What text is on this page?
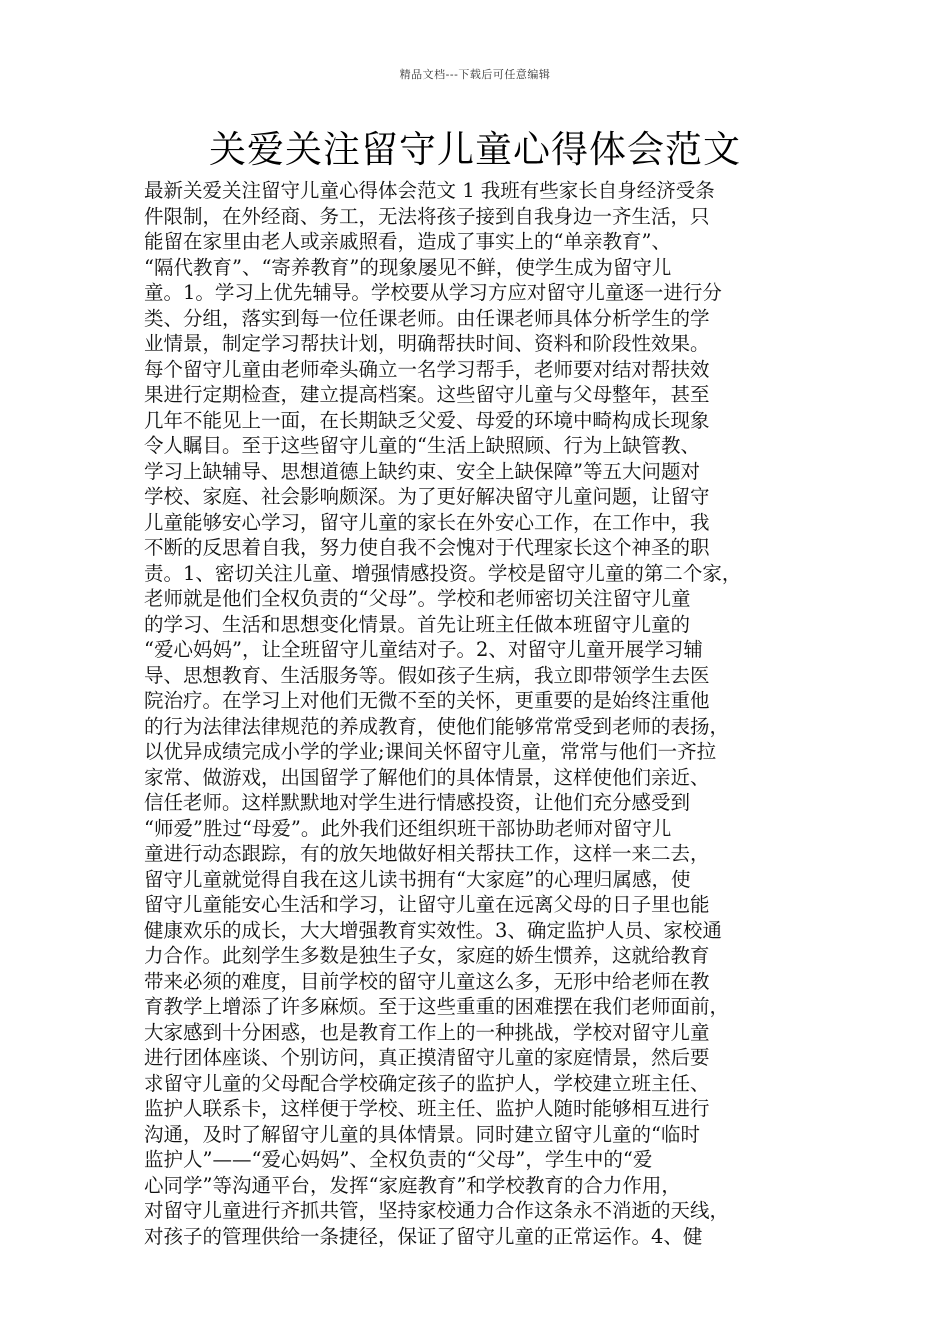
精品文档---下载后可任意编辑
关爱关注留守儿童心得体会范文
最新关爱关注留守儿童心得体会范文 1 我班有些家长自身经济受条
件限制，在外经商、务工，无法将孩子接到自我身边一齐生活，只
能留在家里由老人或亲戚照看，造成了事实上的“单亲教育”、
“隔代教育”、“寄养教育”的现象屡见不鲜，使学生成为留守儿
童。1。学习上优先辅导。学校要从学习方应对留守儿童逐一进行分
类、分组，落实到每一位任课老师。由任课老师具体分析学生的学
业情景，制定学习帮扶计划，明确帮扶时间、资料和阶段性效果。
每个留守儿童由老师牵头确立一名学习帮手，老师要对结对帮扶效
果进行定期检查，建立提高档案。这些留守儿童与父母整年，甚至
几年不能见上一面，在长期缺乏父爱、母爱的环境中畸构成长现象
令人瞩目。至于这些留守儿童的“生活上缺照顾、行为上缺管教、
学习上缺辅导、思想道德上缺约束、安全上缺保障”等五大问题对
学校、家庭、社会影响颇深。为了更好解决留守儿童问题，让留守
儿童能够安心学习，留守儿童的家长在外安心工作，在工作中，我
不断的反思着自我，努力使自我不会愧对于代理家长这个神圣的职
责。1、密切关注儿童、增强情感投资。学校是留守儿童的第二个家，
老师就是他们全权负责的“父母”。学校和老师密切关注留守儿童
的学习、生活和思想变化情景。首先让班主任做本班留守儿童的
“爱心妈妈”，让全班留守儿童结对子。2、对留守儿童开展学习辅
导、思想教育、生活服务等。假如孩子生病，我立即带领学生去医
院治疗。在学习上对他们无微不至的关怀，更重要的是始终注重他
的行为法律法律规范的养成教育，使他们能够常常受到老师的表扬，
以优异成绩完成小学的学业;课间关怀留守儿童，常常与他们一齐拉
家常、做游戏，出国留学了解他们的具体情景，这样使他们亲近、
信任老师。这样默默地对学生进行情感投资，让他们充分感受到
“师爱”胜过“母爱”。此外我们还组织班干部协助老师对留守儿
童进行动态跟踪，有的放矢地做好相关帮扶工作，这样一来二去，
留守儿童就觉得自我在这儿读书拥有“大家庭”的心理归属感，使
留守儿童能安心生活和学习，让留守儿童在远离父母的日子里也能
健康欢乐的成长，大大增强教育实效性。3、确定监护人员、家校通
力合作。此刻学生多数是独生子女，家庭的娇生惯养，这就给教育
带来必须的难度，目前学校的留守儿童这么多，无形中给老师在教
育教学上增添了许多麻烦。至于这些重重的困难摆在我们老师面前，
大家感到十分困惑，也是教育工作上的一种挑战，学校对留守儿童
进行团体座谈、个别访问，真正摸清留守儿童的家庭情景，然后要
求留守儿童的父母配合学校确定孩子的监护人，学校建立班主任、
监护人联系卡，这样便于学校、班主任、监护人随时能够相互进行
沟通，及时了解留守儿童的具体情景。同时建立留守儿童的“临时
监护人”——“爱心妈妈”、全权负责的“父母”，学生中的“爱
心同学”等沟通平台，发挥“家庭教育”和学校教育的合力作用，
对留守儿童进行齐抓共管，坚持家校通力合作这条永不消逝的天线，
对孩子的管理供给一条捷径，保证了留守儿童的正常运作。4、健
